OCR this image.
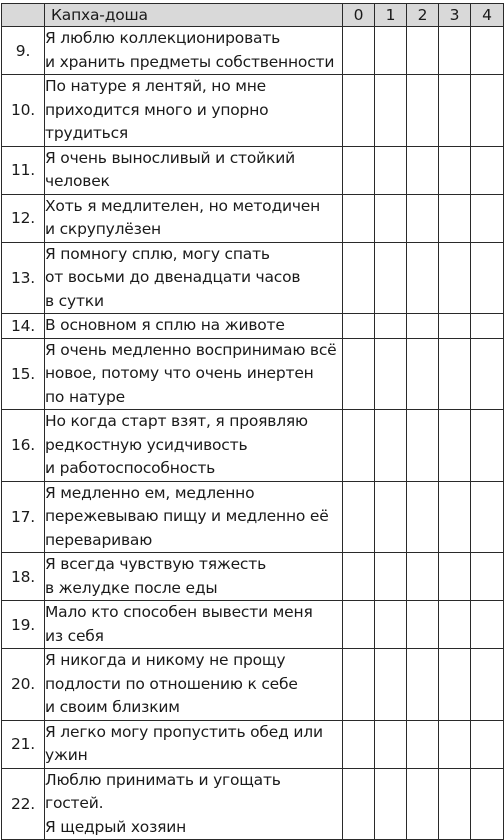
	Капха-доша	0	1	2	3	4
9.	Я люблю коллекционировать
и хранить предметы собственности					

10.	По натуре я лентяй, но мне
приходится много и упорно
трудиться					

11.	Я очень выносливый и стойкий
человек					

12.	Хоть я медлителен, но методичен
и скрупулёзен					

13.	Я помногу сплю, могу спать
от восьми до двенадцати часов
в сутки					

14.	В основном я сплю на животе					

15.	Я очень медленно воспринимаю всё
новое, потому что очень инертен
по натуре					

16.	Но когда старт взят, я проявляю
редкостную усидчивость
и работоспособность					

17.	Я медленно ем, медленно
пережевываю пищу и медленно её
перевариваю					

18.	Я всегда чувствую тяжесть
в желудке после еды					

19.	Мало кто способен вывести меня
из себя					

20.	Я никогда и никому не прощу
подлости по отношению к себе
и своим близким					

21.	Я легко могу пропустить обед или
ужин					

22.	Люблю принимать и угощать гостей.
Я щедрый хозяин					
